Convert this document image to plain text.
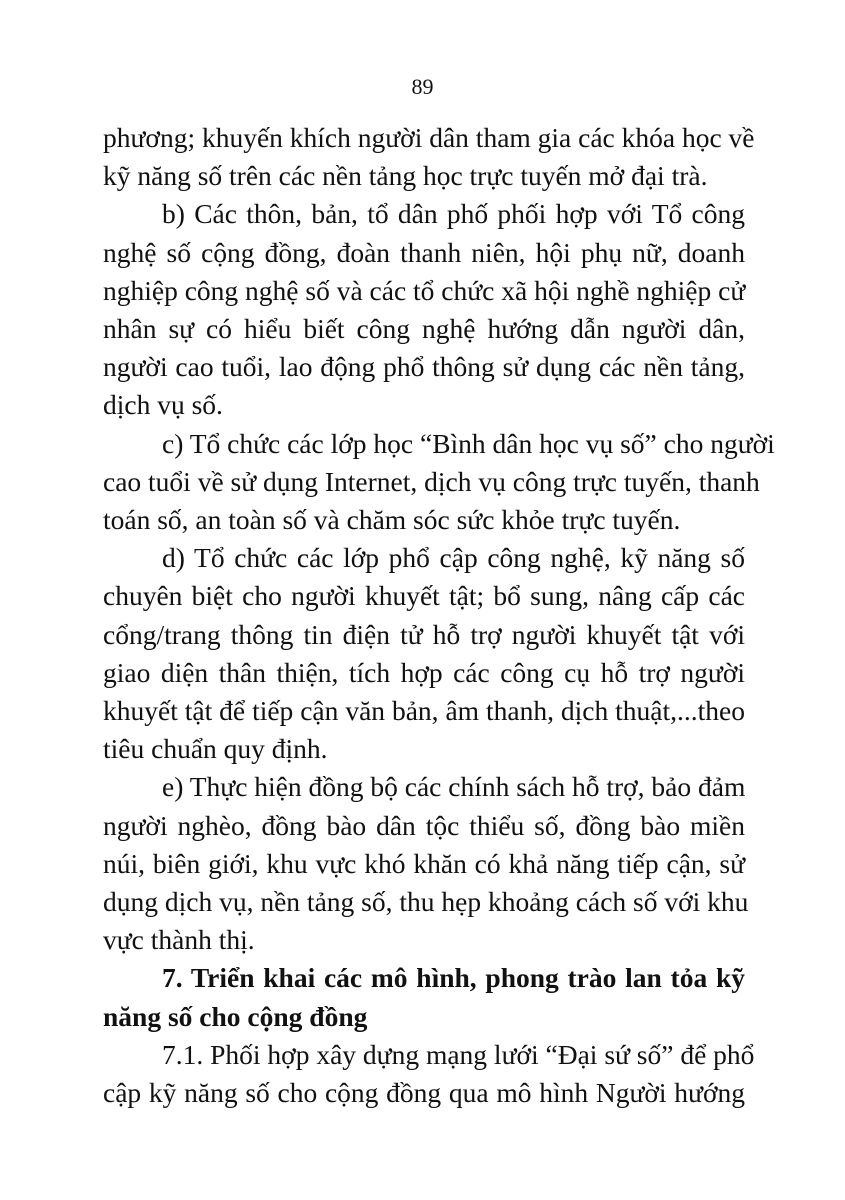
89
phương; khuyến khích người dân tham gia các khóa học về
kỹ năng số trên các nền tảng học trực tuyến mở đại trà.
b) Các thôn, bản, tổ dân phố phối hợp với Tổ công
nghệ số cộng đồng, đoàn thanh niên, hội phụ nữ, doanh
nghiệp công nghệ số và các tổ chức xã hội nghề nghiệp cử
nhân sự có hiểu biết công nghệ hướng dẫn người dân,
người cao tuổi, lao động phổ thông sử dụng các nền tảng,
dịch vụ số.
c) Tổ chức các lớp học “Bình dân học vụ số” cho người
cao tuổi về sử dụng Internet, dịch vụ công trực tuyến, thanh
toán số, an toàn số và chăm sóc sức khỏe trực tuyến.
d) Tổ chức các lớp phổ cập công nghệ, kỹ năng số
chuyên biệt cho người khuyết tật; bổ sung, nâng cấp các
cổng/trang thông tin điện tử hỗ trợ người khuyết tật với
giao diện thân thiện, tích hợp các công cụ hỗ trợ người
khuyết tật để tiếp cận văn bản, âm thanh, dịch thuật,...theo
tiêu chuẩn quy định.
e) Thực hiện đồng bộ các chính sách hỗ trợ, bảo đảm
người nghèo, đồng bào dân tộc thiểu số, đồng bào miền
núi, biên giới, khu vực khó khăn có khả năng tiếp cận, sử
dụng dịch vụ, nền tảng số, thu hẹp khoảng cách số với khu
vực thành thị.
7. Triển khai các mô hình, phong trào lan tỏa kỹ
năng số cho cộng đồng
7.1. Phối hợp xây dựng mạng lưới “Đại sứ số” để phổ
cập kỹ năng số cho cộng đồng qua mô hình Người hướng
